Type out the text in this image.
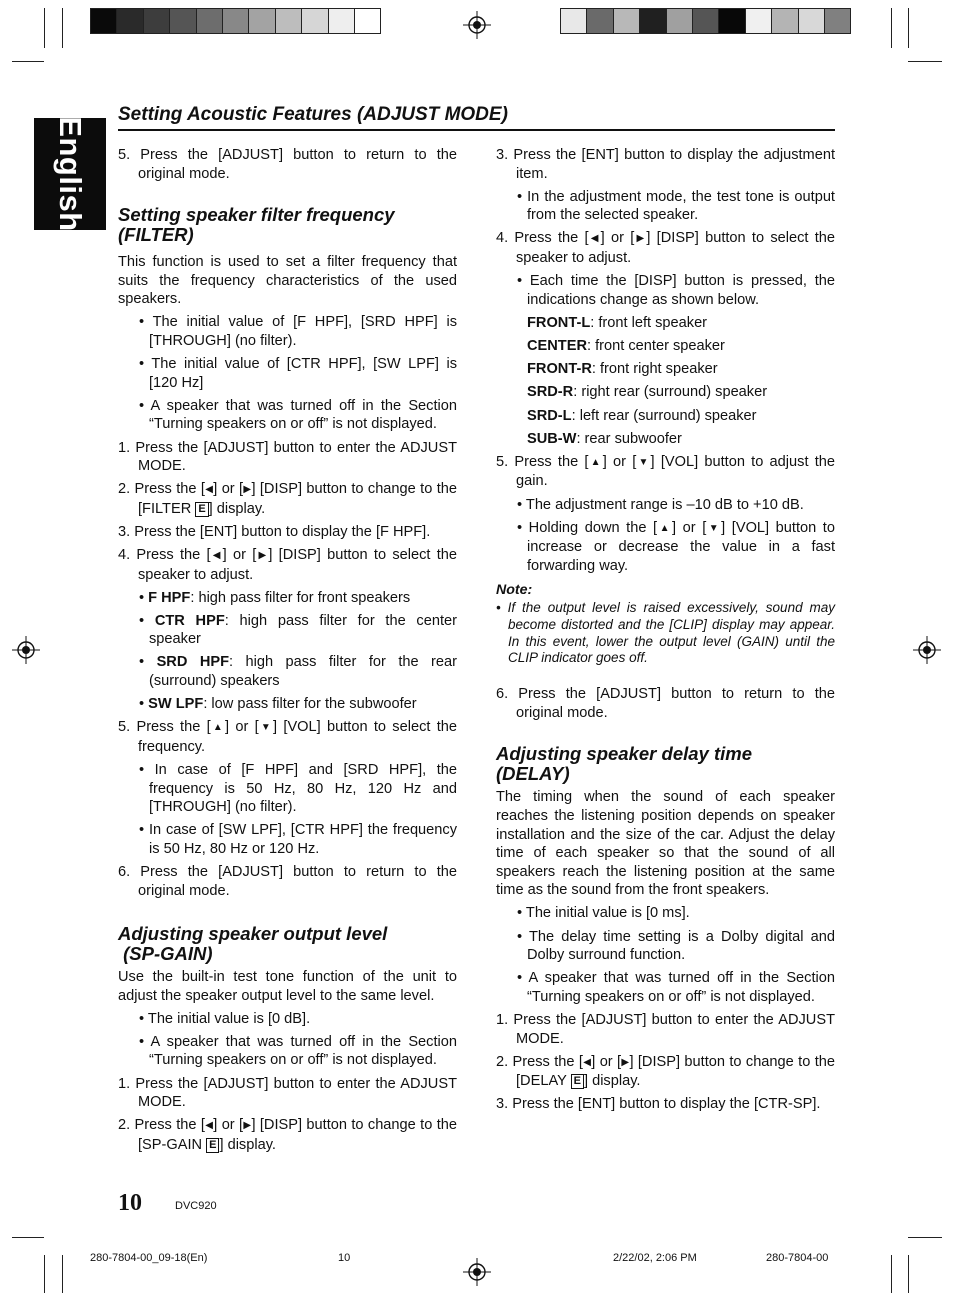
English
Setting Acoustic Features (ADJUST MODE)

5. Press the [ADJUST] button to return to the original mode.

Setting speaker filter frequency (FILTER)

This function is used to set a filter frequency that suits the frequency characteristics of the used speakers.

• The initial value of [F HPF], [SRD HPF] is [THROUGH] (no filter).

• The initial value of [CTR HPF], [SW LPF] is [120 Hz]

• A speaker that was turned off in the Section “Turning speakers on or off” is not displayed.

1. Press the [ADJUST] button to enter the ADJUST MODE.

2. Press the [◀] or [▶] [DISP] button to change to the [FILTER E ] display.

3. Press the [ENT] button to display the [F HPF].

4. Press the [◀] or [▶] [DISP] button to select the speaker to adjust.

• F HPF: high pass filter for front speakers

• CTR HPF: high pass filter for the center speaker

• SRD HPF: high pass filter for the rear (surround) speakers

• SW LPF: low pass filter for the subwoofer

5. Press the [▲] or [▼] [VOL] button to select the frequency.

• In case of [F HPF] and [SRD HPF], the frequency is 50 Hz, 80 Hz, 120 Hz and [THROUGH] (no filter).

• In case of [SW LPF], [CTR HPF] the frequency is 50 Hz, 80 Hz or 120 Hz.

6. Press the [ADJUST] button to return to the original mode.

Adjusting speaker output level
(SP-GAIN)

Use the built-in test tone function of the unit to adjust the speaker output level to the same level.

• The initial value is [0 dB].

• A speaker that was turned off in the Section “Turning speakers on or off” is not displayed.

1. Press the [ADJUST] button to enter the ADJUST MODE.

2. Press the [◀] or [▶] [DISP] button to change to the [SP-GAIN E ] display.

3. Press the [ENT] button to display the adjustment item.

• In the adjustment mode, the test tone is output from the selected speaker.

4. Press the [◀] or [▶] [DISP] button to select the speaker to adjust.

• Each time the [DISP] button is pressed, the indications change as shown below.

FRONT-L: front left speaker

CENTER: front center speaker

FRONT-R: front right speaker

SRD-R: right rear (surround) speaker

SRD-L: left rear (surround) speaker

SUB-W: rear subwoofer

5. Press the [▲] or [▼] [VOL] button to adjust the gain.

• The adjustment range is –10 dB to +10 dB.

• Holding down the [▲] or [▼] [VOL] button to increase or decrease the value in a fast forwarding way.

Note:

• If the output level is raised excessively, sound may become distorted and the [CLIP] display may appear. In this event, lower the output level (GAIN) until the CLIP indicator goes off.

6. Press the [ADJUST] button to return to the original mode.

Adjusting speaker delay time
(DELAY)

The timing when the sound of each speaker reaches the listening position depends on speaker installation and the size of the car. Adjust the delay time of each speaker so that the sound of all speakers reach the listening position at the same time as the sound from the front speakers.

• The initial value is [0 ms].

• The delay time setting is a Dolby digital and Dolby surround function.

• A speaker that was turned off in the Section “Turning speakers on or off” is not displayed.

1. Press the [ADJUST] button to enter the ADJUST MODE.

2. Press the [◀] or [▶] [DISP] button to change to the [DELAY E ] display.

3. Press the [ENT] button to display the [CTR-SP].

10	DVC920
280-7804-00_09-18(En)	10	2/22/02, 2:06 PM	280-7804-00
